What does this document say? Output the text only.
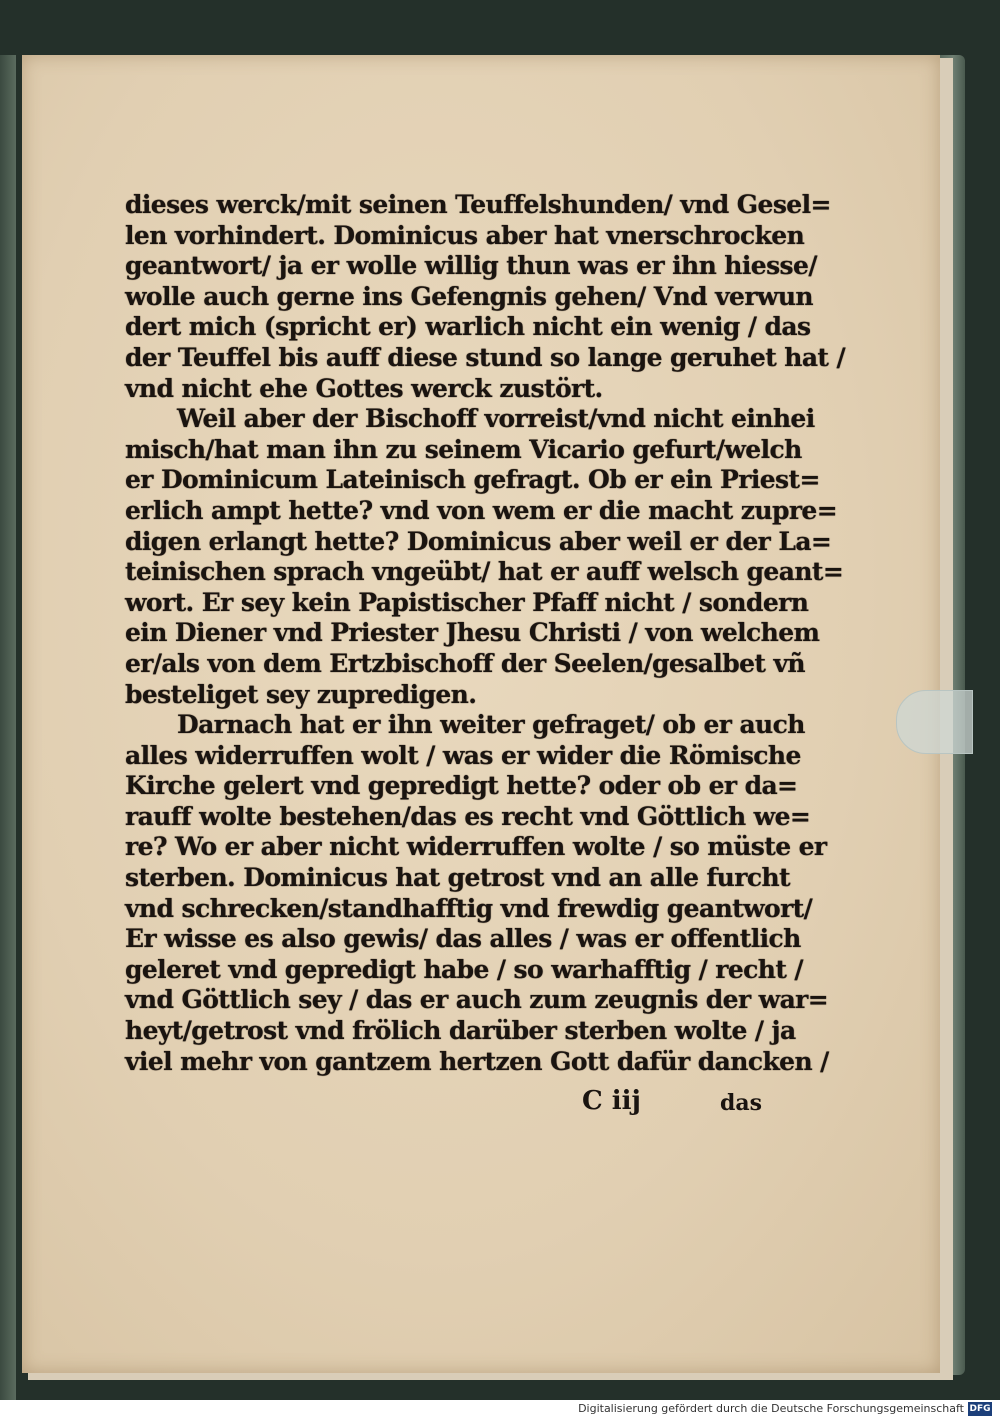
dieses werck/mit seinen Teuffelshunden/ vnd Gesel=
len vorhindert. Dominicus aber hat vnerschrocken
geantwort/ ja er wolle willig thun was er ihn hiesse/
wolle auch gerne ins Gefengnis gehen/ Vnd verwun
dert mich (spricht er) warlich nicht ein wenig / das
der Teuffel bis auff diese stund so lange geruhet hat /
vnd nicht ehe Gottes werck zustört.
Weil aber der Bischoff vorreist/vnd nicht einhei
misch/hat man ihn zu seinem Vicario gefurt/welch
er Dominicum Lateinisch gefragt. Ob er ein Priest=
erlich ampt hette? vnd von wem er die macht zupre=
digen erlangt hette? Dominicus aber weil er der La=
teinischen sprach vngeübt/ hat er auff welsch geant=
wort. Er sey kein Papistischer Pfaff nicht / sondern
ein Diener vnd Priester Jhesu Christi / von welchem
er/als von dem Ertzbischoff der Seelen/gesalbet vñ
besteliget sey zupredigen.
Darnach hat er ihn weiter gefraget/ ob er auch
alles widerruffen wolt / was er wider die Römische
Kirche gelert vnd gepredigt hette? oder ob er da=
rauff wolte bestehen/das es recht vnd Göttlich we=
re? Wo er aber nicht widerruffen wolte / so müste er
sterben. Dominicus hat getrost vnd an alle furcht
vnd schrecken/standhafftig vnd frewdig geantwort/
Er wisse es also gewis/ das alles / was er offentlich
geleret vnd gepredigt habe / so warhafftig / recht /
vnd Göttlich sey / das er auch zum zeugnis der war=
heyt/getrost vnd frölich darüber sterben wolte / ja
viel mehr von gantzem hertzen Gott dafür dancken /
C iij	das
Digitalisierung gefördert durch die Deutsche Forschungsgemeinschaft DFG
